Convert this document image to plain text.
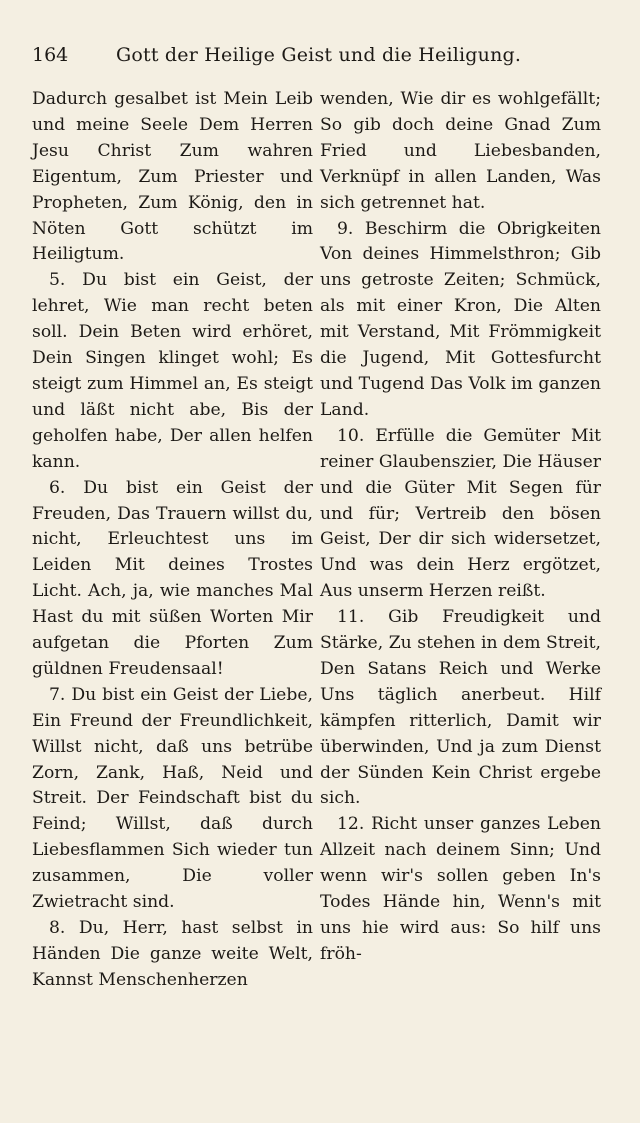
164	Gott der Heilige Geist und die Heiligung.

Dadurch gesalbet ist Mein Leib und meine Seele Dem Herren Jesu Christ Zum wahren Eigentum, Zum Priester und Propheten, Zum König, den in Nöten Gott schützt im Heiligtum.

5. Du bist ein Geist, der lehret, Wie man recht beten soll. Dein Beten wird erhöret, Dein Singen klinget wohl; Es steigt zum Himmel an, Es steigt und läßt nicht abe, Bis der geholfen habe, Der allen helfen kann.

6. Du bist ein Geist der Freuden, Das Trauern willst du, nicht, Erleuchtest uns im Leiden Mit deines Trostes Licht. Ach, ja, wie manches Mal Hast du mit süßen Worten Mir aufgetan die Pforten Zum güldnen Freudensaal!

7. Du bist ein Geist der Liebe, Ein Freund der Freundlichkeit, Willst nicht, daß uns betrübe Zorn, Zank, Haß, Neid und Streit. Der Feindschaft bist du Feind; Willst, daß durch Liebesflammen Sich wieder tun zusammen, Die voller Zwietracht sind.

8. Du, Herr, hast selbst in Händen Die ganze weite Welt, Kannst Menschenherzen

wenden, Wie dir es wohlgefällt; So gib doch deine Gnad Zum Fried und Liebesbanden, Verknüpf in allen Landen, Was sich getrennet hat.

9. Beschirm die Obrigkeiten Von deines Himmelsthron; Gib uns getroste Zeiten; Schmück, als mit einer Kron, Die Alten mit Verstand, Mit Frömmigkeit die Jugend, Mit Gottesfurcht und Tugend Das Volk im ganzen Land.

10. Erfülle die Gemüter Mit reiner Glaubenszier, Die Häuser und die Güter Mit Segen für und für; Vertreib den bösen Geist, Der dir sich widersetzet, Und was dein Herz ergötzet, Aus unserm Herzen reißt.

11. Gib Freudigkeit und Stärke, Zu stehen in dem Streit, Den Satans Reich und Werke Uns täglich anerbeut. Hilf kämpfen ritterlich, Damit wir überwinden, Und ja zum Dienst der Sünden Kein Christ ergebe sich.

12. Richt unser ganzes Leben Allzeit nach deinem Sinn; Und wenn wir's sollen geben In's Todes Hände hin, Wenn's mit uns hie wird aus: So hilf uns fröh-
